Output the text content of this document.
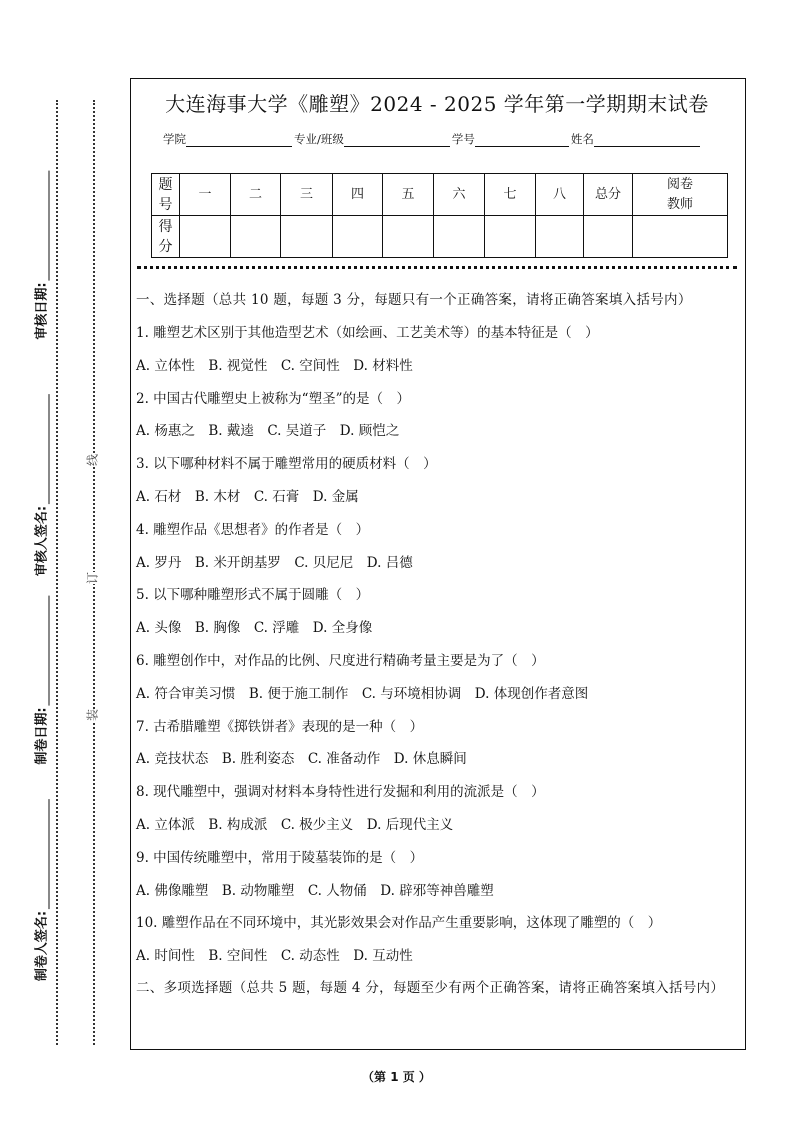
审核日期:
审核人签名:
制卷日期:
制卷人签名:
线
订
装
大连海事大学《雕塑》2024 - 2025 学年第一学期期末试卷
学院	专业/班级	学号	姓名
题号	一	二	三	四	五	六	七	八	总分	阅卷教师
得分										
一、选择题（总共 10 题，每题 3 分，每题只有一个正确答案，请将正确答案填入括号内）
1. 雕塑艺术区别于其他造型艺术（如绘画、工艺美术等）的基本特征是（　）
A. 立体性　B. 视觉性　C. 空间性　D. 材料性
2. 中国古代雕塑史上被称为“塑圣”的是（　）
A. 杨惠之　B. 戴逵　C. 吴道子　D. 顾恺之
3. 以下哪种材料不属于雕塑常用的硬质材料（　）
A. 石材　B. 木材　C. 石膏　D. 金属
4. 雕塑作品《思想者》的作者是（　）
A. 罗丹　B. 米开朗基罗　C. 贝尼尼　D. 吕德
5. 以下哪种雕塑形式不属于圆雕（　）
A. 头像　B. 胸像　C. 浮雕　D. 全身像
6. 雕塑创作中，对作品的比例、尺度进行精确考量主要是为了（　）
A. 符合审美习惯　B. 便于施工制作　C. 与环境相协调　D. 体现创作者意图
7. 古希腊雕塑《掷铁饼者》表现的是一种（　）
A. 竞技状态　B. 胜利姿态　C. 准备动作　D. 休息瞬间
8. 现代雕塑中，强调对材料本身特性进行发掘和利用的流派是（　）
A. 立体派　B. 构成派　C. 极少主义　D. 后现代主义
9. 中国传统雕塑中，常用于陵墓装饰的是（　）
A. 佛像雕塑　B. 动物雕塑　C. 人物俑　D. 辟邪等神兽雕塑
10. 雕塑作品在不同环境中，其光影效果会对作品产生重要影响，这体现了雕塑的（　）
A. 时间性　B. 空间性　C. 动态性　D. 互动性
二、多项选择题（总共 5 题，每题 4 分，每题至少有两个正确答案，请将正确答案填入括号内）
（第 1 页 ）
